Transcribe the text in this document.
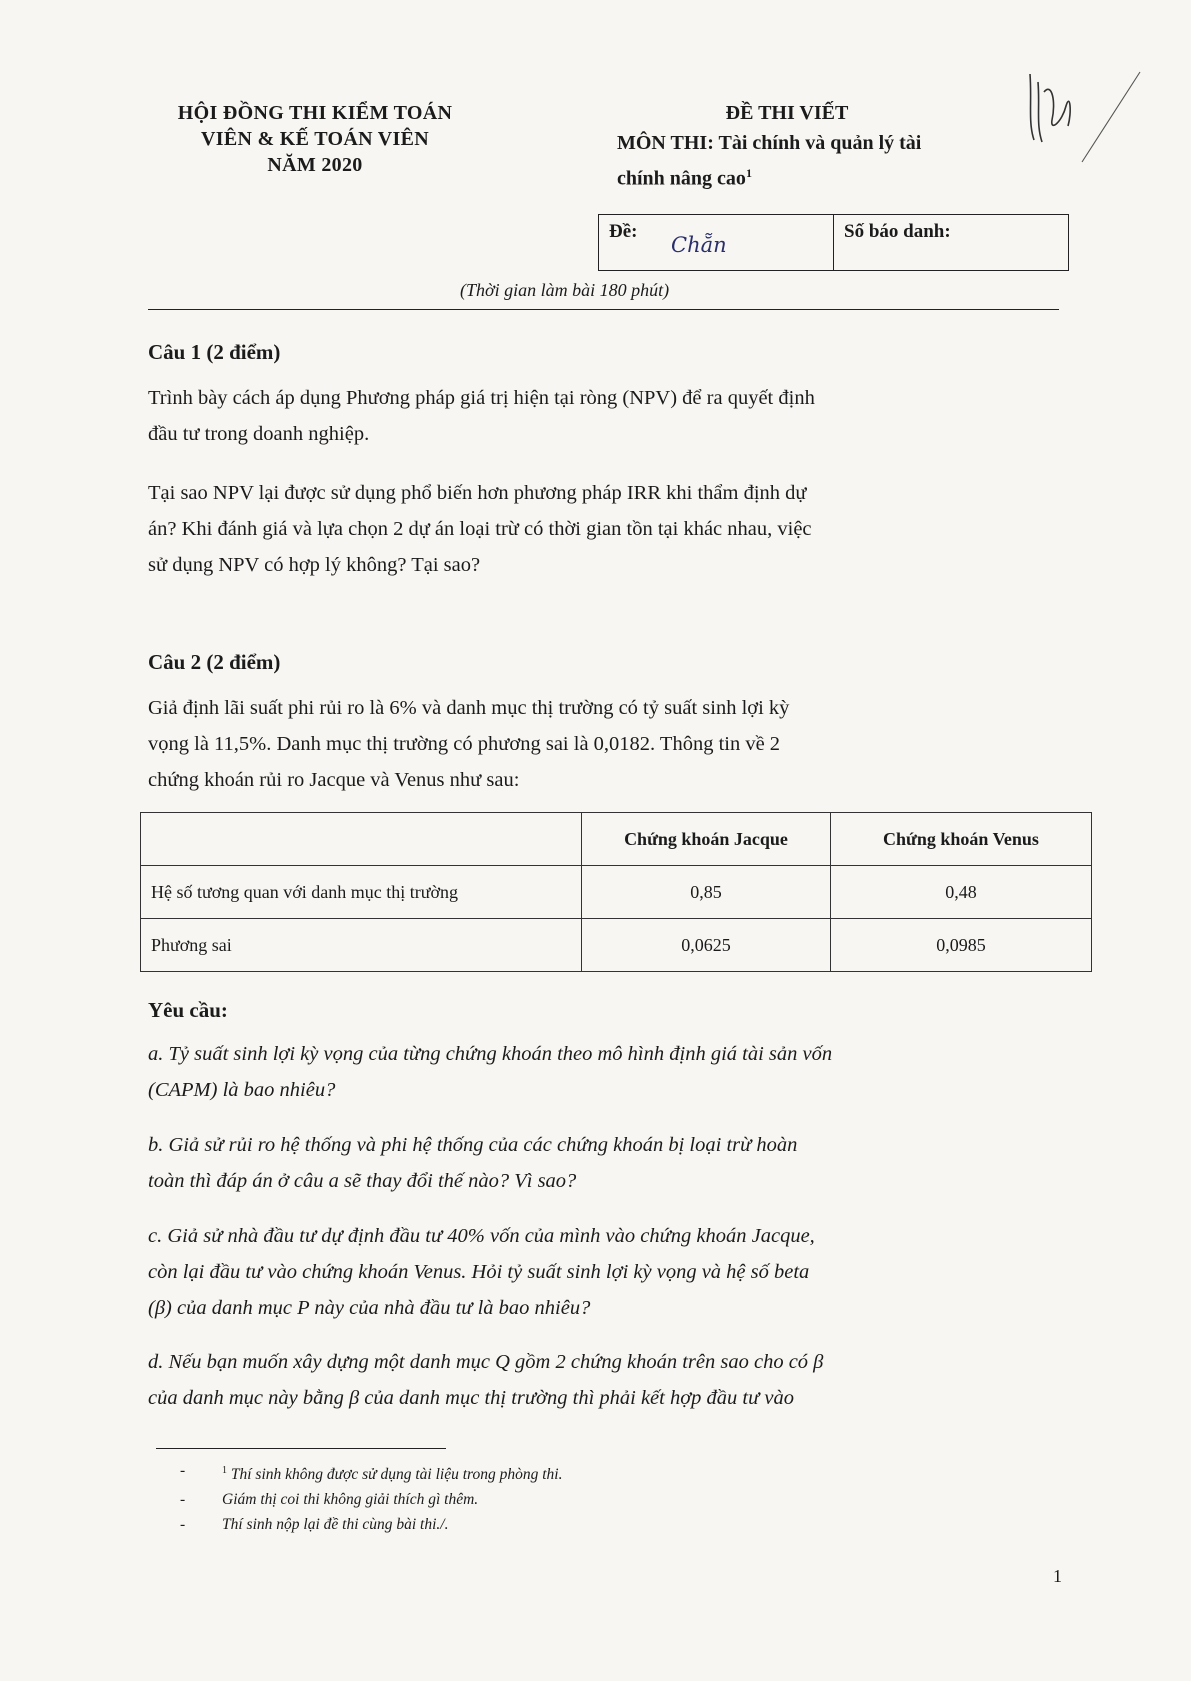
HỘI ĐỒNG THI KIỂM TOÁN
VIÊN & KẾ TOÁN VIÊN
NĂM 2020
ĐỀ THI VIẾT
MÔN THI: Tài chính và quản lý tài
chính nâng cao$^1$
Đề:
Chẵn
Số báo danh:
(Thời gian làm bài 180 phút)
Câu 1 (2 điểm)
Trình bày cách áp dụng Phương pháp giá trị hiện tại ròng (NPV) để ra quyết định
đầu tư trong doanh nghiệp.
Tại sao NPV lại được sử dụng phổ biến hơn phương pháp IRR khi thẩm định dự
án? Khi đánh giá và lựa chọn 2 dự án loại trừ có thời gian tồn tại khác nhau, việc
sử dụng NPV có hợp lý không? Tại sao?
Câu 2 (2 điểm)
Giả định lãi suất phi rủi ro là 6% và danh mục thị trường có tỷ suất sinh lợi kỳ
vọng là 11,5%. Danh mục thị trường có phương sai là 0,0182. Thông tin về 2
chứng khoán rủi ro Jacque và Venus như sau:
	Chứng khoán Jacque	Chứng khoán Venus
Hệ số tương quan với danh mục thị trường	0,85	0,48
Phương sai	0,0625	0,0985
Yêu cầu:
a. Tỷ suất sinh lợi kỳ vọng của từng chứng khoán theo mô hình định giá tài sản vốn
(CAPM) là bao nhiêu?
b. Giả sử rủi ro hệ thống và phi hệ thống của các chứng khoán bị loại trừ hoàn
toàn thì đáp án ở câu a sẽ thay đổi thế nào? Vì sao?
c. Giả sử nhà đầu tư dự định đầu tư 40% vốn của mình vào chứng khoán Jacque,
còn lại đầu tư vào chứng khoán Venus. Hỏi tỷ suất sinh lợi kỳ vọng và hệ số beta
(β) của danh mục P này của nhà đầu tư là bao nhiêu?
d. Nếu bạn muốn xây dựng một danh mục Q gồm 2 chứng khoán trên sao cho có β
của danh mục này bằng β của danh mục thị trường thì phải kết hợp đầu tư vào
-	$^1$ Thí sinh không được sử dụng tài liệu trong phòng thi.
- Giám thị coi thi không giải thích gì thêm.
- Thí sinh nộp lại đề thi cùng bài thi./.
1
